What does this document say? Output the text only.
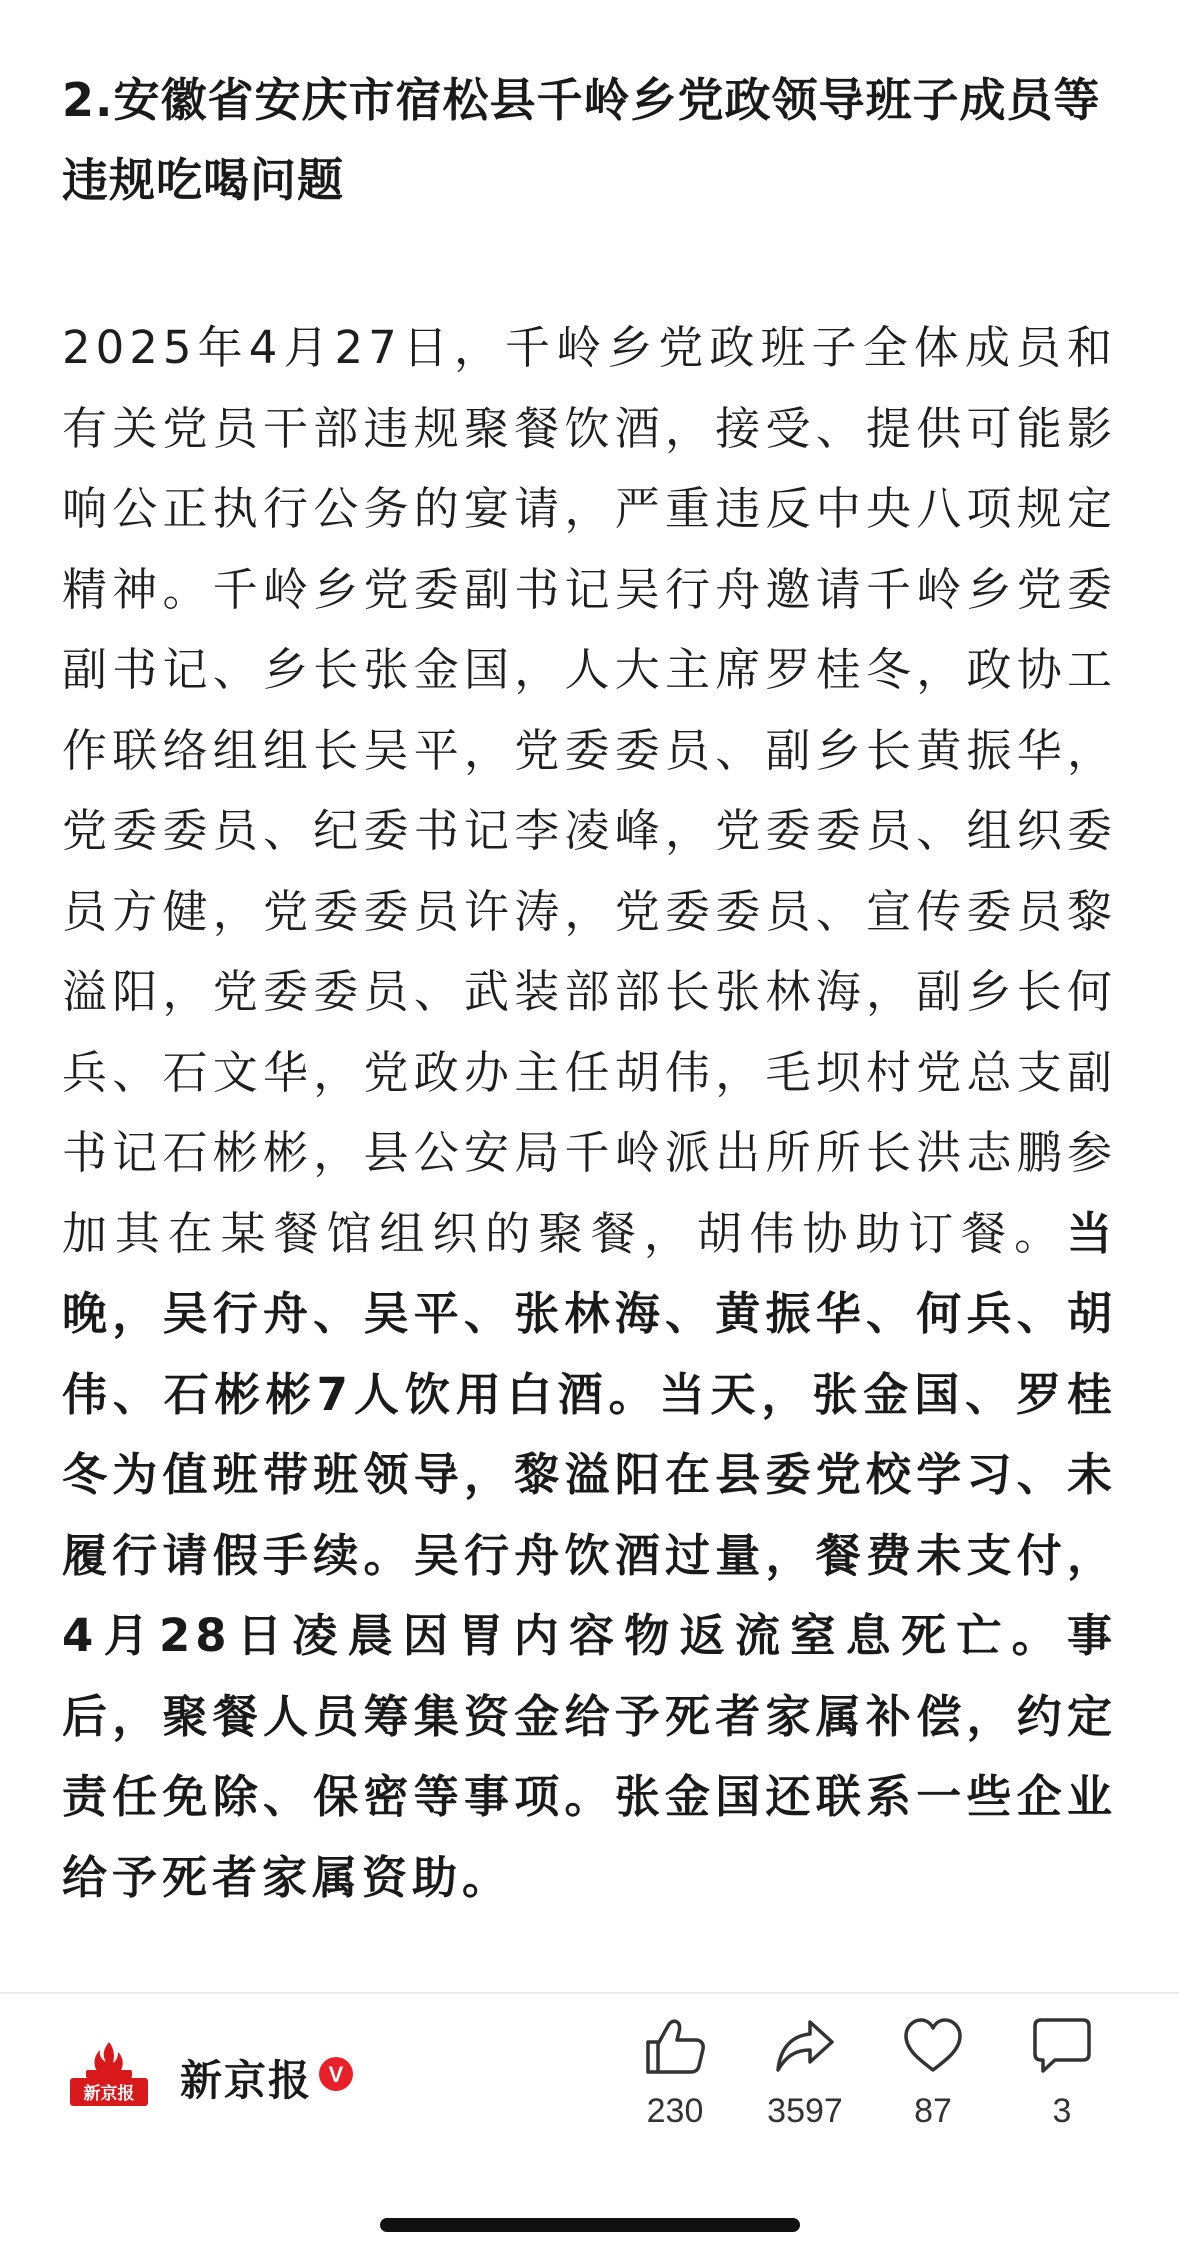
2.安徽省安庆市宿松县千岭乡党政领导班子成员等违规吃喝问题

2025年4月27日，千岭乡党政班子全体成员和有关党员干部违规聚餐饮酒，接受、提供可能影响公正执行公务的宴请，严重违反中央八项规定精神。千岭乡党委副书记吴行舟邀请千岭乡党委副书记、乡长张金国，人大主席罗桂冬，政协工作联络组组长吴平，党委委员、副乡长黄振华，党委委员、纪委书记李凌峰，党委委员、组织委员方健，党委委员许涛，党委委员、宣传委员黎溢阳，党委委员、武装部部长张林海，副乡长何兵、石文华，党政办主任胡伟，毛坝村党总支副书记石彬彬，县公安局千岭派出所所长洪志鹏参加其在某餐馆组织的聚餐，胡伟协助订餐。当晚，吴行舟、吴平、张林海、黄振华、何兵、胡伟、石彬彬7人饮用白酒。当天，张金国、罗桂冬为值班带班领导，黎溢阳在县委党校学习、未履行请假手续。吴行舟饮酒过量，餐费未支付，4月28日凌晨因胃内容物返流窒息死亡。事后，聚餐人员筹集资金给予死者家属补偿，约定责任免除、保密等事项。张金国还联系一些企业给予死者家属资助。

新京报 新京报 V
230	3597	87	3
